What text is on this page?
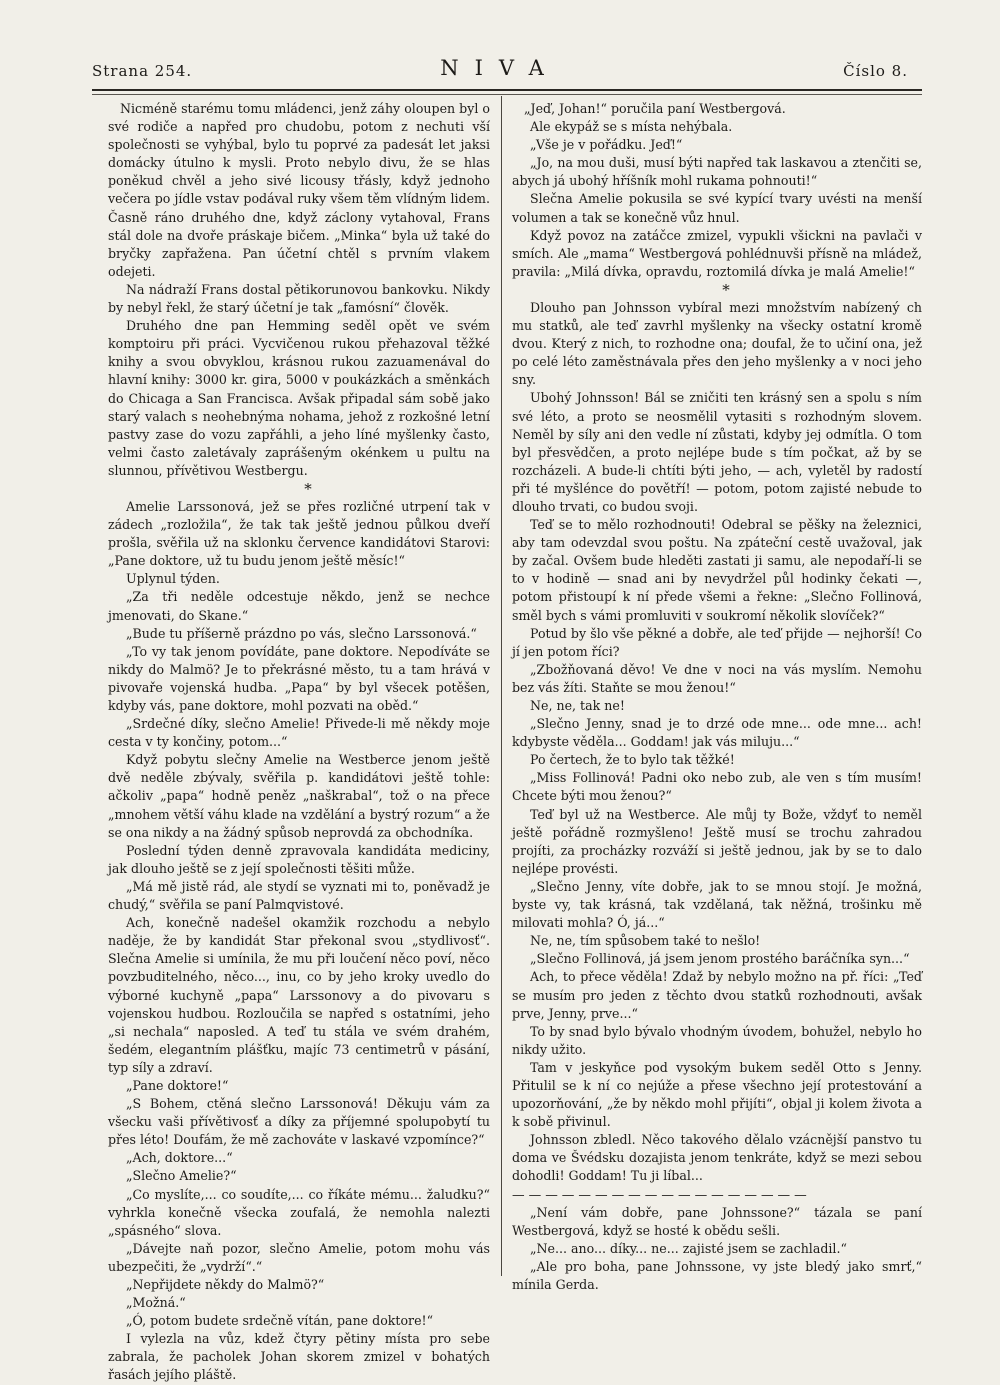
Strana 254.	NIVA	Číslo 8.

Nicméně starému tomu mládenci, jenž záhy oloupen byl o své rodiče a napřed pro chudobu, potom z nechuti vší společnosti se vyhýbal, bylo tu poprvé za padesát let jaksi domácky útulno k mysli. Proto nebylo divu, že se hlas poněkud chvěl a jeho sivé licousy třásly, když jednoho večera po jídle vstav podával ruky všem těm vlídným lidem. Časně ráno druhého dne, když záclony vytahoval, Frans stál dole na dvoře práskaje bičem. „Minka“ byla už také do bryčky zapřažena. Pan účetní chtěl s prvním vlakem odejeti.

Na nádraží Frans dostal pětikorunovou bankovku. Nikdy by nebyl řekl, že starý účetní je tak „famósní“ člověk.

Druhého dne pan Hemming seděl opět ve svém komptoiru při práci. Vycvičenou rukou přehazoval těžké knihy a svou obvyklou, krásnou rukou zazuamenával do hlavní knihy: 3000 kr. gira, 5000 v poukázkách a směnkách do Chicaga a San Francisca. Avšak připadal sám sobě jako starý valach s neohebnýma nohama, jehož z rozkošné letní pastvy zase do vozu zapřáhli, a jeho líné myšlenky často, velmi často zaletávaly zaprášeným okénkem u pultu na slunnou, přívětivou Westbergu.

*

Amelie Larssonová, jež se přes rozličné utrpení tak v zádech „rozložila“, že tak tak ještě jednou půlkou dveří prošla, svěřila už na sklonku července kandidátovi Starovi: „Pane doktore, už tu budu jenom ještě měsíc!“

Uplynul týden.

„Za tři neděle odcestuje někdo, jenž se nechce jmenovati, do Skane.“

„Bude tu příšerně prázdno po vás, slečno Larssonová.“

„To vy tak jenom povídáte, pane doktore. Nepodíváte se nikdy do Malmö? Je to překrásné město, tu a tam hrává v pivovaře vojenská hudba. „Papa“ by byl všecek potěšen, kdyby vás, pane doktore, mohl pozvati na oběd.“

„Srdečné díky, slečno Amelie! Přivede-li mě někdy moje cesta v ty končiny, potom...“

Když pobytu slečny Amelie na Westberce jenom ještě dvě neděle zbývaly, svěřila p. kandidátovi ještě tohle: ačkoliv „papa“ hodně peněz „naškrabal“, tož o na přece „mnohem větší váhu klade na vzdělání a bystrý rozum“ a že se ona nikdy a na žádný spůsob neprovdá za obchodníka.

Poslední týden denně zpravovala kandidáta mediciny, jak dlouho ještě se z její společnosti těšiti může.

„Má mě jistě rád, ale stydí se vyznati mi to, poněvadž je chudý,“ svěřila se paní Palmqvistové.

Ach, konečně nadešel okamžik rozchodu a nebylo naděje, že by kandidát Star překonal svou „stydlivosť“. Slečna Amelie si umínila, že mu při loučení něco poví, něco povzbuditelného, něco..., inu, co by jeho kroky uvedlo do výborné kuchyně „papa“ Larssonovy a do pivovaru s vojenskou hudbou. Rozloučila se napřed s ostatními, jeho „si nechala“ naposled. A teď tu stála ve svém drahém, šedém, elegantním plášťku, majíc 73 centimetrů v pásání, typ síly a zdraví.

„Pane doktore!“

„S Bohem, ctěná slečno Larssonová! Děkuju vám za všecku vaši přívětivosť a díky za příjemné spolupobytí tu přes léto! Doufám, že mě zachováte v laskavé vzpomínce?“

„Ach, doktore...“

„Slečno Amelie?“

„Co myslíte,... co soudíte,... co říkáte mému... žaludku?“ vyhrkla konečně všecka zoufalá, že nemohla nalezti „spásného“ slova.

„Dávejte naň pozor, slečno Amelie, potom mohu vás ubezpečiti, že „vydrží“.“

„Nepřijdete někdy do Malmö?“

„Možná.“

„Ó, potom budete srdečně vítán, pane doktore!“

I vylezla na vůz, kdež čtyry pětiny místa pro sebe zabrala, že pacholek Johan skorem zmizel v bohatých řasách jejího pláště.

„Jeď, Johan!“ poručila paní Westbergová.

Ale ekypáž se s místa nehýbala.

„Vše je v pořádku. Jeď!“

„Jo, na mou duši, musí býti napřed tak laskavou a ztenčiti se, abych já ubohý hříšník mohl rukama pohnouti!“

Slečna Amelie pokusila se své kypící tvary uvésti na menší volumen a tak se konečně vůz hnul.

Když povoz na zatáčce zmizel, vypukli všickni na pavlači v smích. Ale „mama“ Westbergová pohlédnuvši přísně na mládež, pravila: „Milá dívka, opravdu, roztomilá dívka je malá Amelie!“

*

Dlouho pan Johnsson vybíral mezi množstvím nabízený ch mu statků, ale teď zavrhl myšlenky na všecky ostatní kromě dvou. Který z nich, to rozhodne ona; doufal, že to učiní ona, jež po celé léto zaměstnávala přes den jeho myšlenky a v noci jeho sny.

Ubohý Johnsson! Bál se zničiti ten krásný sen a spolu s ním své léto, a proto se neosmělil vytasiti s rozhodným slovem. Neměl by síly ani den vedle ní zůstati, kdyby jej odmítla. O tom byl přesvědčen, a proto nejlépe bude s tím počkat, až by se rozcházeli. A bude-li chtíti býti jeho, — ach, vyletěl by radostí při té myšlénce do povětří! — potom, potom zajisté nebude to dlouho trvati, co budou svoji.

Teď se to mělo rozhodnouti! Odebral se pěšky na železnici, aby tam odevzdal svou poštu. Na zpáteční cestě uvažoval, jak by začal. Ovšem bude hleděti zastati ji samu, ale nepodaří-li se to v hodině — snad ani by nevydržel půl hodinky čekati —, potom přistoupí k ní přede všemi a řekne: „Slečno Follinová, směl bych s vámi promluviti v soukromí několik slovíček?“

Potud by šlo vše pěkné a dobře, ale teď přijde — nejhorší! Co jí jen potom říci?

„Zbožňovaná děvo! Ve dne v noci na vás myslím. Nemohu bez vás žíti. Staňte se mou ženou!“

Ne, ne, tak ne!

„Slečno Jenny, snad je to drzé ode mne... ode mne... ach! kdybyste věděla... Goddam! jak vás miluju...“

Po čertech, že to bylo tak těžké!

„Miss Follinová! Padni oko nebo zub, ale ven s tím musím! Chcete býti mou ženou?“

Teď byl už na Westberce. Ale můj ty Bože, vždyť to neměl ještě pořádně rozmyšleno! Ještě musí se trochu zahradou projíti, za procházky rozváží si ještě jednou, jak by se to dalo nejlépe provésti.

„Slečno Jenny, víte dobře, jak to se mnou stojí. Je možná, byste vy, tak krásná, tak vzdělaná, tak něžná, trošinku mě milovati mohla? Ó, já...“

Ne, ne, tím spůsobem také to nešlo!

„Slečno Follinová, já jsem jenom prostého baráčníka syn...“

Ach, to přece věděla! Zdaž by nebylo možno na př. říci: „Teď se musím pro jeden z těchto dvou statků rozhodnouti, avšak prve, Jenny, prve...“

To by snad bylo bývalo vhodným úvodem, bohužel, nebylo ho nikdy užito.

Tam v jeskyňce pod vysokým bukem seděl Otto s Jenny. Přitulil se k ní co nejúže a přese všechno její protestování a upozorňování, „že by někdo mohl přijíti“, objal ji kolem života a k sobě přivinul.

Johnsson zbledl. Něco takového dělalo vzácnější panstvo tu doma ve Švédsku dozajista jenom tenkráte, když se mezi sebou dohodli! Goddam! Tu ji líbal...

— — — — — — — — — — — — — — — — — —

„Není vám dobře, pane Johnssone?“ tázala se paní Westbergová, když se hosté k obědu sešli.

„Ne... ano... díky... ne... zajisté jsem se zachladil.“

„Ale pro boha, pane Johnssone, vy jste bledý jako smrť,“ mínila Gerda.
